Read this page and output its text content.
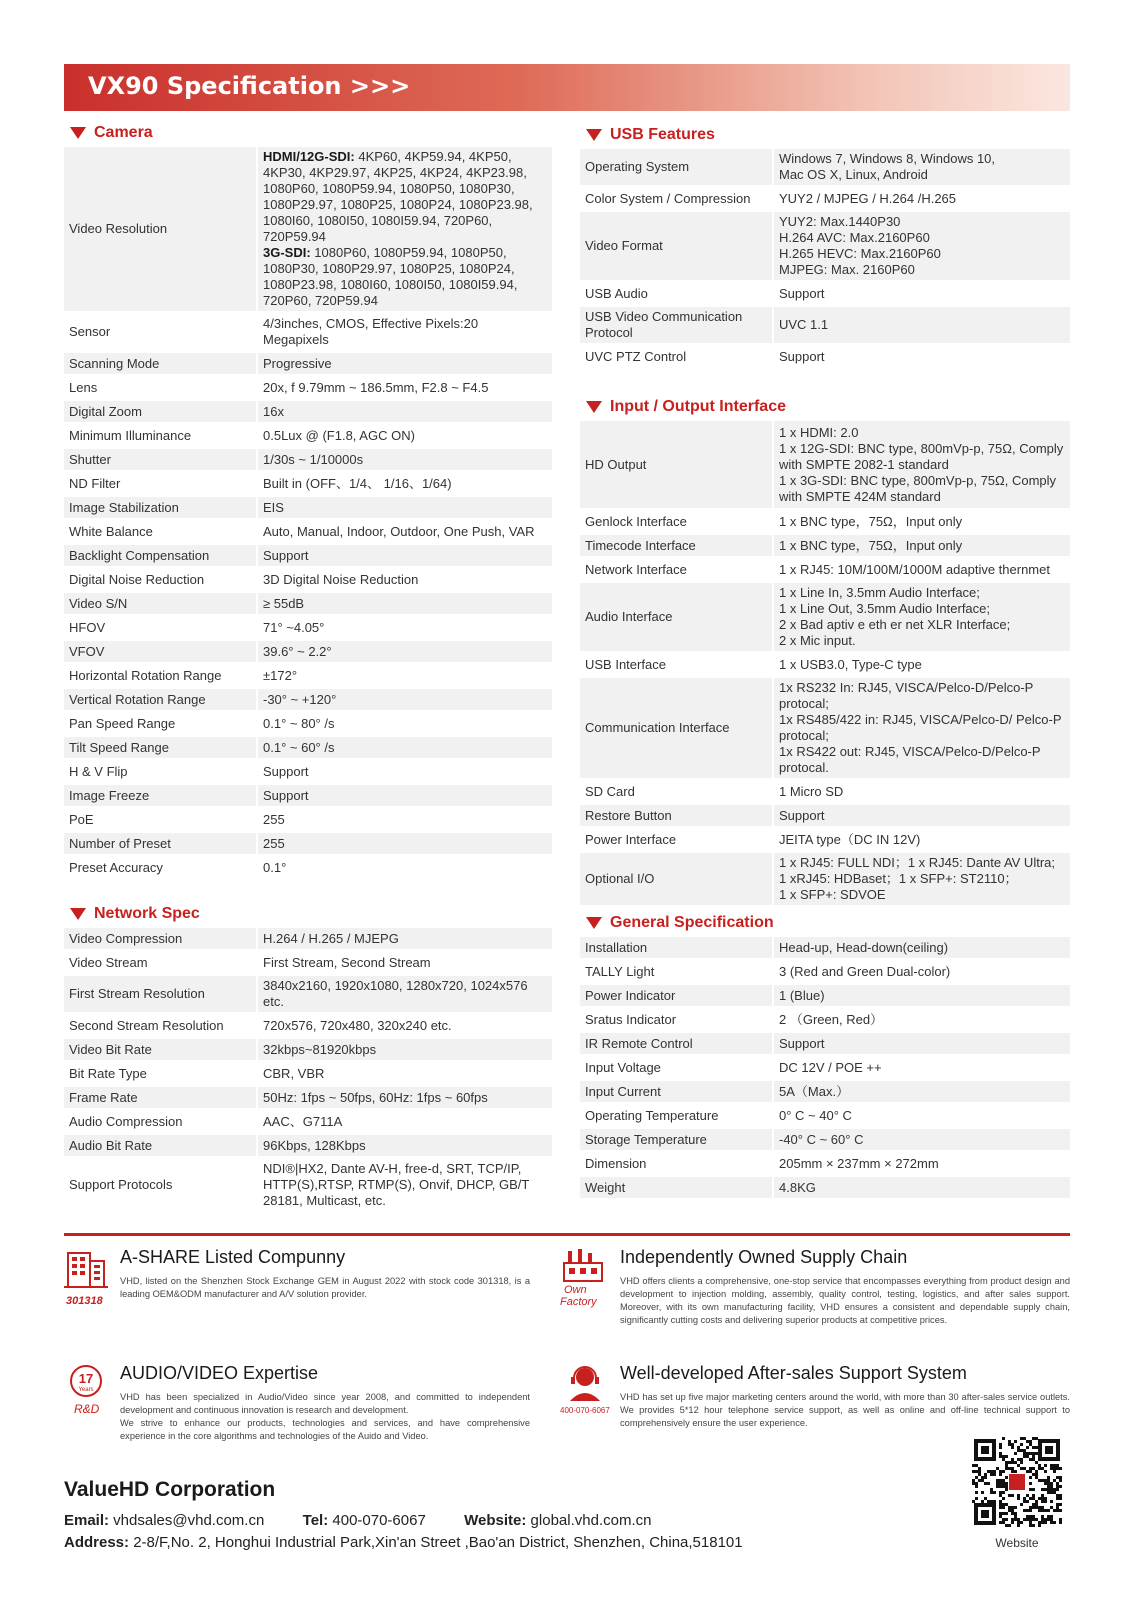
VX90 Specification >>>
Camera
Video Resolution	HDMI/12G-SDI: 4KP60, 4KP59.94, 4KP50, 4KP30, 4KP29.97, 4KP25, 4KP24, 4KP23.98, 1080P60, 1080P59.94, 1080P50, 1080P30, 1080P29.97, 1080P25, 1080P24, 1080P23.98, 1080I60, 1080I50, 1080I59.94, 720P60, 720P59.94
3G-SDI: 1080P60, 1080P59.94, 1080P50, 1080P30, 1080P29.97, 1080P25, 1080P24, 1080P23.98, 1080I60, 1080I50, 1080I59.94, 720P60, 720P59.94
Sensor	4/3inches, CMOS, Effective Pixels:20 Megapixels
Scanning Mode	Progressive
Lens	20x, f 9.79mm ~ 186.5mm, F2.8 ~ F4.5
Digital Zoom	16x
Minimum Illuminance	0.5Lux @ (F1.8, AGC ON)
Shutter	1/30s ~ 1/10000s
ND Filter	Built in (OFF、1/4、 1/16、1/64)
Image Stabilization	EIS
White Balance	Auto, Manual, Indoor, Outdoor, One Push, VAR
Backlight Compensation	Support
Digital Noise Reduction	3D Digital Noise Reduction
Video S/N	≥ 55dB
HFOV	71° ~4.05°
VFOV	39.6° ~ 2.2°
Horizontal Rotation Range	±172°
Vertical Rotation Range	-30° ~ +120°
Pan Speed Range	0.1° ~ 80° /s
Tilt Speed Range	0.1° ~ 60° /s
H & V Flip	Support
Image Freeze	Support
PoE	255
Number of Preset	255
Preset Accuracy	0.1°
Network Spec
Video Compression	H.264 / H.265 / MJEPG
Video Stream	First Stream, Second Stream
First Stream Resolution	3840x2160, 1920x1080, 1280x720, 1024x576 etc.
Second Stream Resolution	720x576, 720x480, 320x240 etc.
Video Bit Rate	32kbps~81920kbps
Bit Rate Type	CBR, VBR
Frame Rate	50Hz: 1fps ~ 50fps, 60Hz: 1fps ~ 60fps
Audio Compression	AAC、G711A
Audio Bit Rate	96Kbps, 128Kbps
Support Protocols	NDI®|HX2, Dante AV-H, free-d, SRT, TCP/IP, HTTP(S),RTSP, RTMP(S), Onvif, DHCP, GB/T 28181, Multicast, etc.
USB Features
Operating System	Windows 7, Windows 8, Windows 10,
Mac OS X, Linux, Android
Color System / Compression	YUY2 / MJPEG / H.264 /H.265
Video Format	YUY2: Max.1440P30
H.264 AVC: Max.2160P60
H.265 HEVC: Max.2160P60
MJPEG: Max. 2160P60
USB Audio	Support
USB Video Communication Protocol	UVC 1.1
UVC PTZ Control	Support
Input / Output Interface
HD Output	1 x HDMI: 2.0
1 x 12G-SDI: BNC type, 800mVp-p, 75Ω, Comply with SMPTE 2082-1 standard
1 x 3G-SDI: BNC type, 800mVp-p, 75Ω, Comply with SMPTE 424M standard
Genlock Interface	1 x BNC type，75Ω，Input only
Timecode Interface	1 x BNC type，75Ω，Input only
Network Interface	1 x RJ45: 10M/100M/1000M adaptive thernmet
Audio Interface	1 x Line In, 3.5mm Audio Interface;
1 x Line Out, 3.5mm Audio Interface;
2 x Bad aptiv e eth er net XLR Interface;
2 x Mic input.
USB Interface	1 x USB3.0, Type-C type
Communication Interface	1x RS232 In: RJ45, VISCA/Pelco-D/Pelco-P protocal;
1x RS485/422 in: RJ45, VISCA/Pelco-D/ Pelco-P protocal;
1x RS422 out: RJ45, VISCA/Pelco-D/Pelco-P protocal.
SD Card	1 Micro SD
Restore Button	Support
Power Interface	JEITA type（DC IN 12V)
Optional I/O	1 x RJ45: FULL NDI；1 x RJ45: Dante AV Ultra;
1 xRJ45: HDBaset；1 x SFP+: ST2110；
1 x SFP+: SDVOE
General Specification
Installation	Head-up, Head-down(ceiling)
TALLY Light	3 (Red and Green Dual-color)
Power Indicator	1 (Blue)
Sratus Indicator	2 （Green, Red）
IR Remote Control	Support
Input Voltage	DC 12V / POE ++
Input Current	5A（Max.）
Operating Temperature	0° C ~ 40° C
Storage Temperature	-40° C ~ 60° C
Dimension	205mm × 237mm × 272mm
Weight	4.8KG
301318
A-SHARE Listed Compunny
VHD, listed on the Shenzhen Stock Exchange GEM in August 2022 with stock code 301318, is a leading OEM&ODM manufacturer and A/V solution provider.	Own
Factory
Independently Owned Supply Chain
VHD offers clients a comprehensive, one-stop service that encompasses everything from product design and development to injection molding, assembly, quality control, testing, logistics, and after sales support. Moreover, with its own manufacturing facility, VHD ensures a consistent and dependable supply chain, significantly cutting costs and delivering superior products at competitive prices.
17
Years
R&D
AUDIO/VIDEO Expertise
VHD has been specialized in Audio/Video since year 2008, and committed to independent development and continuous innovation is research and development.
We strive to enhance our products, technologies and services, and have comprehensive experience in the core algorithms and technologies of the Auido and Video.
400-070-6067
Well-developed After-sales Support System
VHD has set up five major marketing centers around the world, with more than 30 after-sales service outlets. We provides 5*12 hour telephone service support, as well as online and off-line technical support to comprehensively ensure the user experience.
ValueHD Corporation
Email: vhdsales@vhd.com.cn	Tel: 400-070-6067	Website: global.vhd.com.cn
Address: 2-8/F,No. 2, Honghui Industrial Park,Xin'an Street ,Bao'an District, Shenzhen, China,518101	Website
